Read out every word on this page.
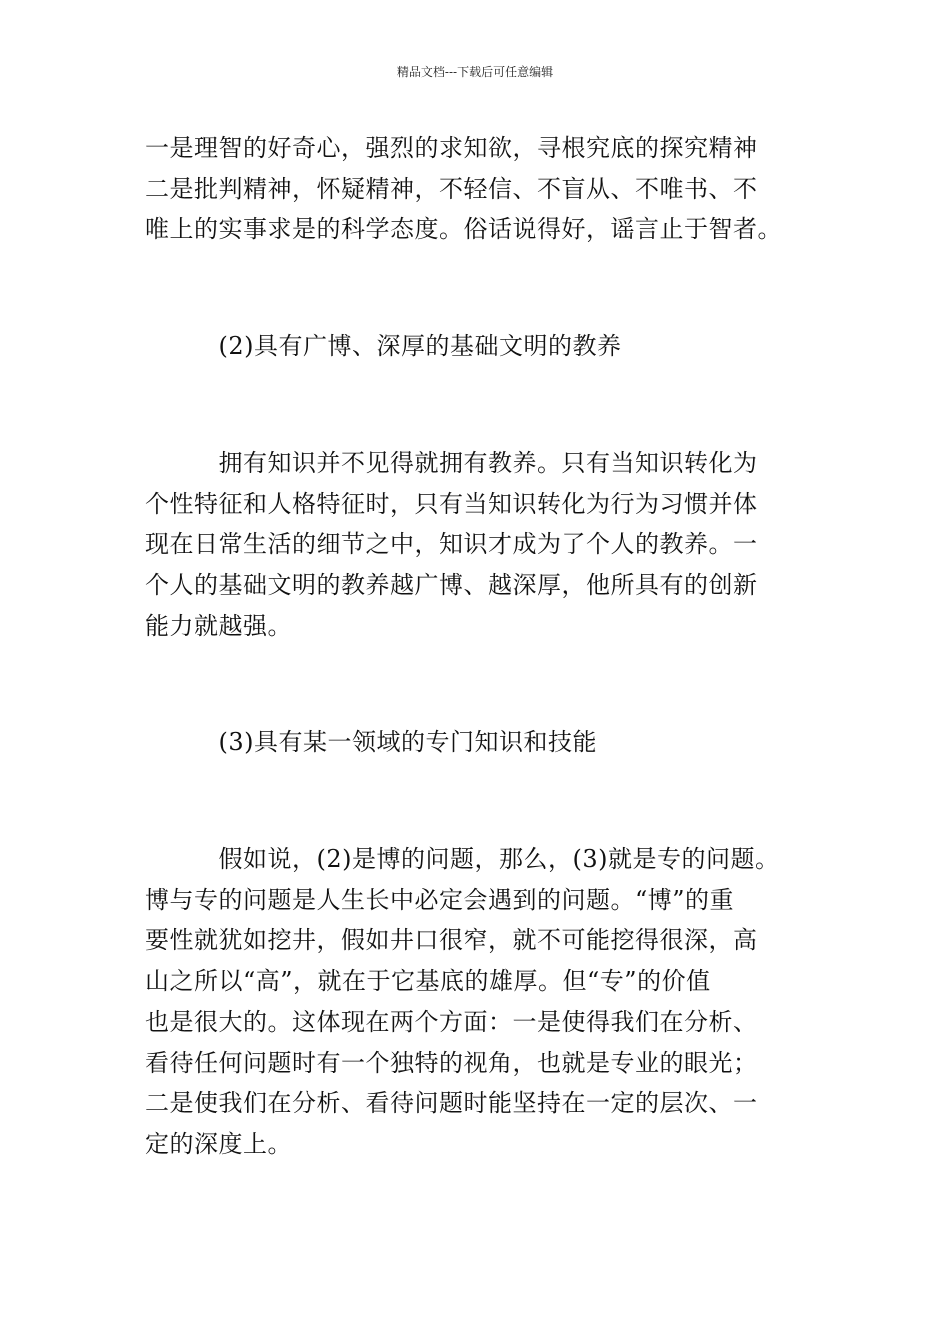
精品文档---下载后可任意编辑

一是理智的好奇心，强烈的求知欲，寻根究底的探究精神
二是批判精神，怀疑精神，不轻信、不盲从、不唯书、不
唯上的实事求是的科学态度。俗话说得好，谣言止于智者。

　　　(2)具有广博、深厚的基础文明的教养

　　　拥有知识并不见得就拥有教养。只有当知识转化为
个性特征和人格特征时，只有当知识转化为行为习惯并体
现在日常生活的细节之中，知识才成为了个人的教养。一
个人的基础文明的教养越广博、越深厚，他所具有的创新
能力就越强。

　　　(3)具有某一领域的专门知识和技能

　　　假如说，(2)是博的问题，那么，(3)就是专的问题。
博与专的问题是人生长中必定会遇到的问题。“博”的重
要性就犹如挖井，假如井口很窄，就不可能挖得很深，高
山之所以“高”，就在于它基底的雄厚。但“专”的价值
也是很大的。这体现在两个方面：一是使得我们在分析、
看待任何问题时有一个独特的视角，也就是专业的眼光；
二是使我们在分析、看待问题时能坚持在一定的层次、一
定的深度上。
